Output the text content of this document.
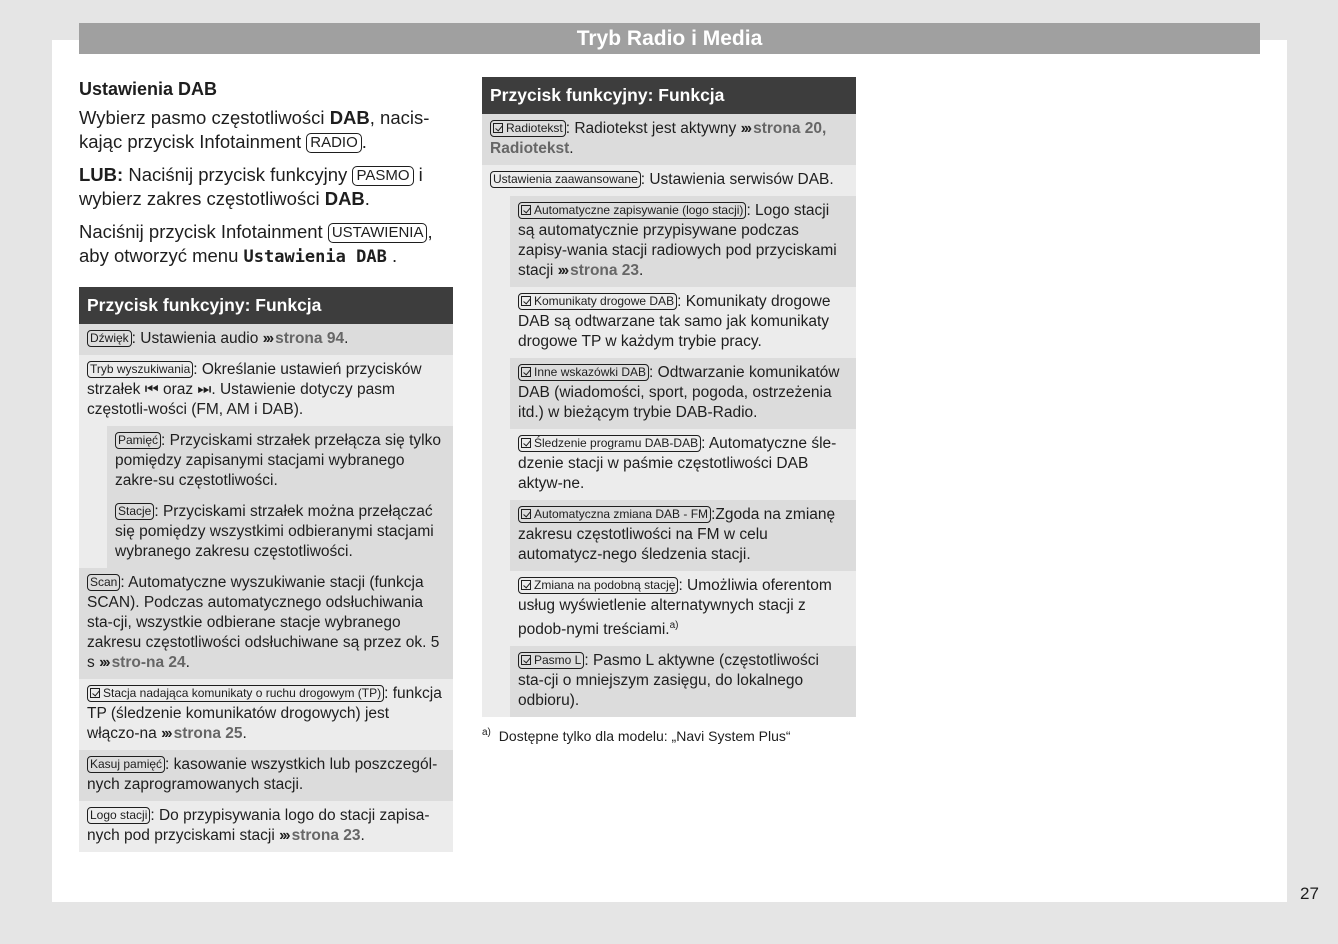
Tryb Radio i Media
Ustawienia DAB

Wybierz pasmo częstotliwości DAB, nacis-kając przycisk Infotainment RADIO .

LUB: Naciśnij przycisk funkcyjny PASMO i wybierz zakres częstotliwości DAB.

Naciśnij przycisk Infotainment USTAWIENIA , aby otworzyć menu Ustawienia DAB .

Przycisk funkcyjny: Funkcja
Dźwięk : Ustawienia audio ››› strona 94.
Tryb wyszukiwania : Określanie ustawień przycisków strzałek ⏮ oraz ⏭. Ustawienie dotyczy pasm częstotli-wości (FM, AM i DAB).
Pamięć : Przyciskami strzałek przełącza się tylko pomiędzy zapisanymi stacjami wybranego zakre-su częstotliwości.
Stacje : Przyciskami strzałek można przełączać się pomiędzy wszystkimi odbieranymi stacjami wybranego zakresu częstotliwości.
Scan : Automatyczne wyszukiwanie stacji (funkcja SCAN). Podczas automatycznego odsłuchiwania sta-cji, wszystkie odbierane stacje wybranego zakresu częstotliwości odsłuchiwane są przez ok. 5 s ››› stro-na 24.
Stacja nadająca komunikaty o ruchu drogowym (TP) : funkcja TP (śledzenie komunikatów drogowych) jest włączo-na ››› strona 25.
Kasuj pamięć : kasowanie wszystkich lub poszczegól-nych zaprogramowanych stacji.
Logo stacji : Do przypisywania logo do stacji zapisa-nych pod przyciskami stacji ››› strona 23.
Przycisk funkcyjny: Funkcja
Radiotekst : Radiotekst jest aktywny ››› strona 20, Radiotekst.
Ustawienia zaawansowane : Ustawienia serwisów DAB.
Automatyczne zapisywanie (logo stacji) : Logo stacji są automatycznie przypisywane podczas zapisy-wania stacji radiowych pod przyciskami stacji ››› strona 23.
Komunikaty drogowe DAB : Komunikaty drogowe DAB są odtwarzane tak samo jak komunikaty drogowe TP w każdym trybie pracy.
Inne wskazówki DAB : Odtwarzanie komunikatów DAB (wiadomości, sport, pogoda, ostrzeżenia itd.) w bieżącym trybie DAB-Radio.
Śledzenie programu DAB-DAB : Automatyczne śle-dzenie stacji w paśmie częstotliwości DAB aktyw-ne.
Automatyczna zmiana DAB - FM :Zgoda na zmianę zakresu częstotliwości na FM w celu automatycz-nego śledzenia stacji.
Zmiana na podobną stację : Umożliwia oferentom usług wyświetlenie alternatywnych stacji z podob-nymi treściami.$^{a)}$
Pasmo L : Pasmo L aktywne (częstotliwości sta-cji o mniejszym zasięgu, do lokalnego odbioru).
$^{a)}$ Dostępne tylko dla modelu: „Navi System Plus“
27
